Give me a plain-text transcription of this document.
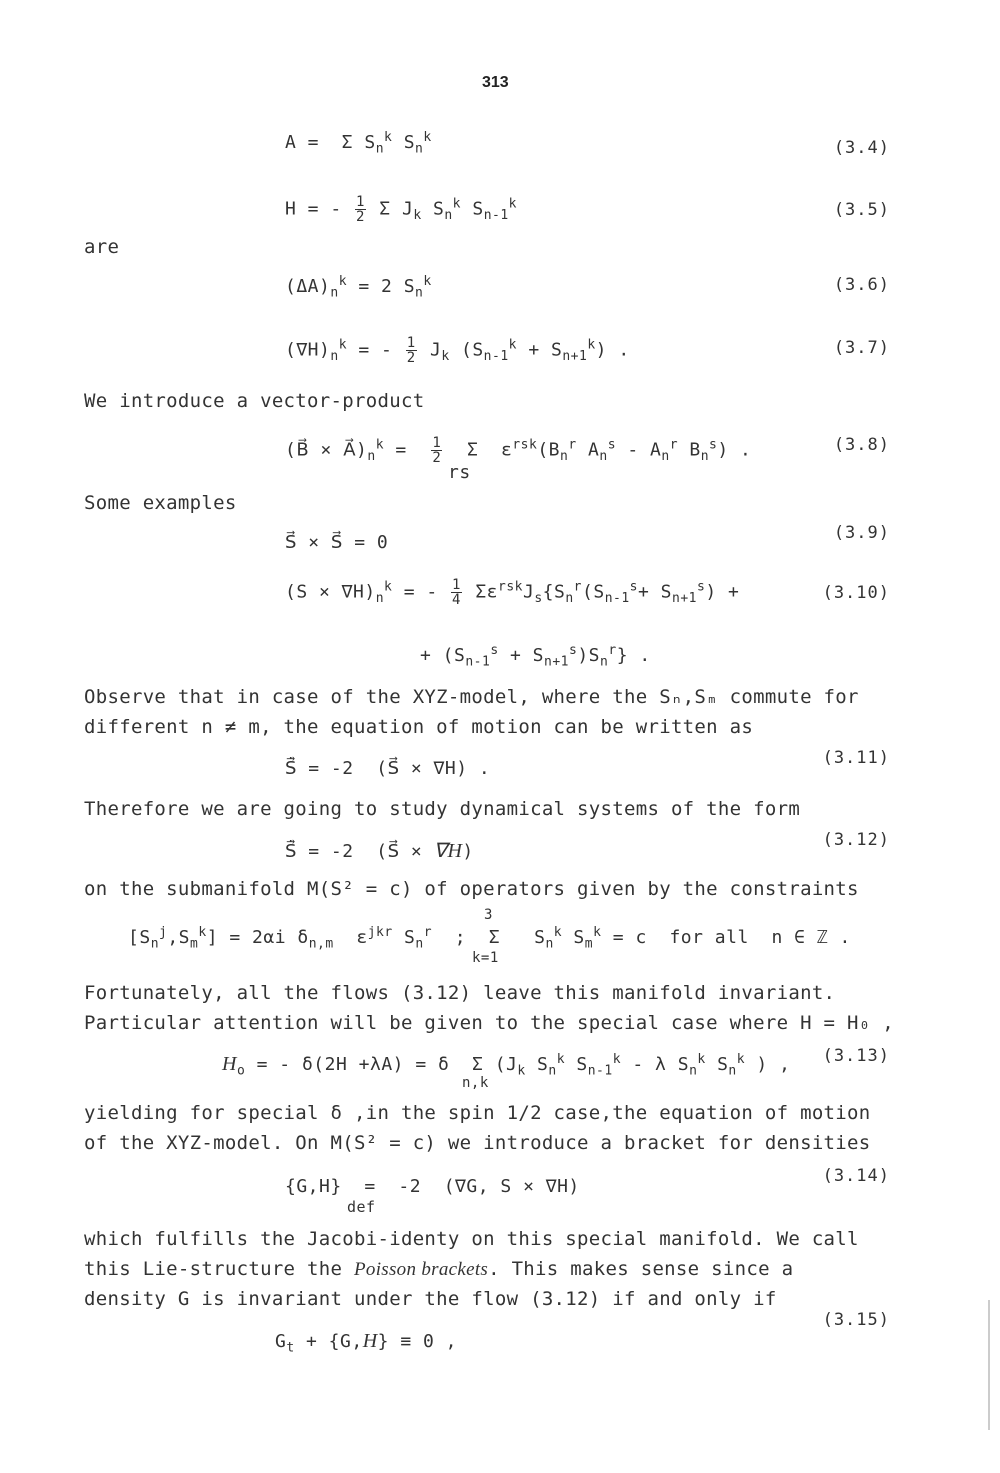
313
A =  Σ $S_n^k$ $S_n^k$
(3.4)
H = - $\frac{1}{2}$ Σ $J_k$ $S_n^k$ $S_{n-1}^k$	(3.5)
are
$(\Delta A)_n^k = 2$ $S_n^k$	(3.6)
$(\nabla H)_n^k$ = - $\frac{1}{2} J_k$ $(S_{n-1}^k + S_{n+1}^k)$ .	(3.7)
We introduce a vector-product
(B⃗ × $A⃗)_n^k = \frac{1}{2}$ Σ  $\varepsilon^{rsk}(B_n^r$ $A_n^s - A_n^r$ $B_n^s$) .
rs
(3.8)
Some examples
S⃗ × S⃗ = 0	(3.9)
$(S \times \nabla H)_n^k$ = - $\frac{1}{4} \Sigma\varepsilon^{rsk}J_s\{S_n^r(S_{n-1}^s+ S_{n+1}^s)$ +	(3.10)
+ $(S_{n-1}^s + S_{n+1}^s)S_n^r$} .
Observe that in case of the XYZ-model, where the Sₙ,Sₘ commute for
different n ≠ m, the equation of motion can be written as
S⃗̇ = -2  (S⃗ × ∇H) .	(3.11)
Therefore we are going to study dynamical systems of the form
S⃗̇ = -2  (S⃗ × ∇H)
(3.12)
on the submanifold M(S² = c) of operators given by the constraints
$[S_n^j,S_m^k] = 2\alpha i$ $\delta_{n,m}$  $\varepsilon^{jkr}$ $S_n^r$  ;  Σ   $S_n^k$ $S_m^k = c$  for all  n ∈ ℤ .
3
k=1
Fortunately, all the flows (3.12) leave this manifold invariant.
Particular attention will be given to the special case where H = H₀ ,
$H_o$ = - δ(2H +λA) = δ  Σ ($J_k$ $S_n^k$ $S_{n-1}^k$ - λ $S_n^k$ $S_n^k$ ) ,
n,k
(3.13)
yielding for special δ ,in the spin 1/2 case,the equation of motion
of the XYZ-model. On M(S² = c) we introduce a bracket for densities
{G,H}  =  -2  (∇G, S × ∇H)
def
(3.14)
which fulfills the Jacobi-identy on this special manifold. We call
this Lie-structure the Poisson brackets. This makes sense since a
density G is invariant under the flow (3.12) if and only if
$G_t + \{G,H\} \equiv 0$ ,
(3.15)
